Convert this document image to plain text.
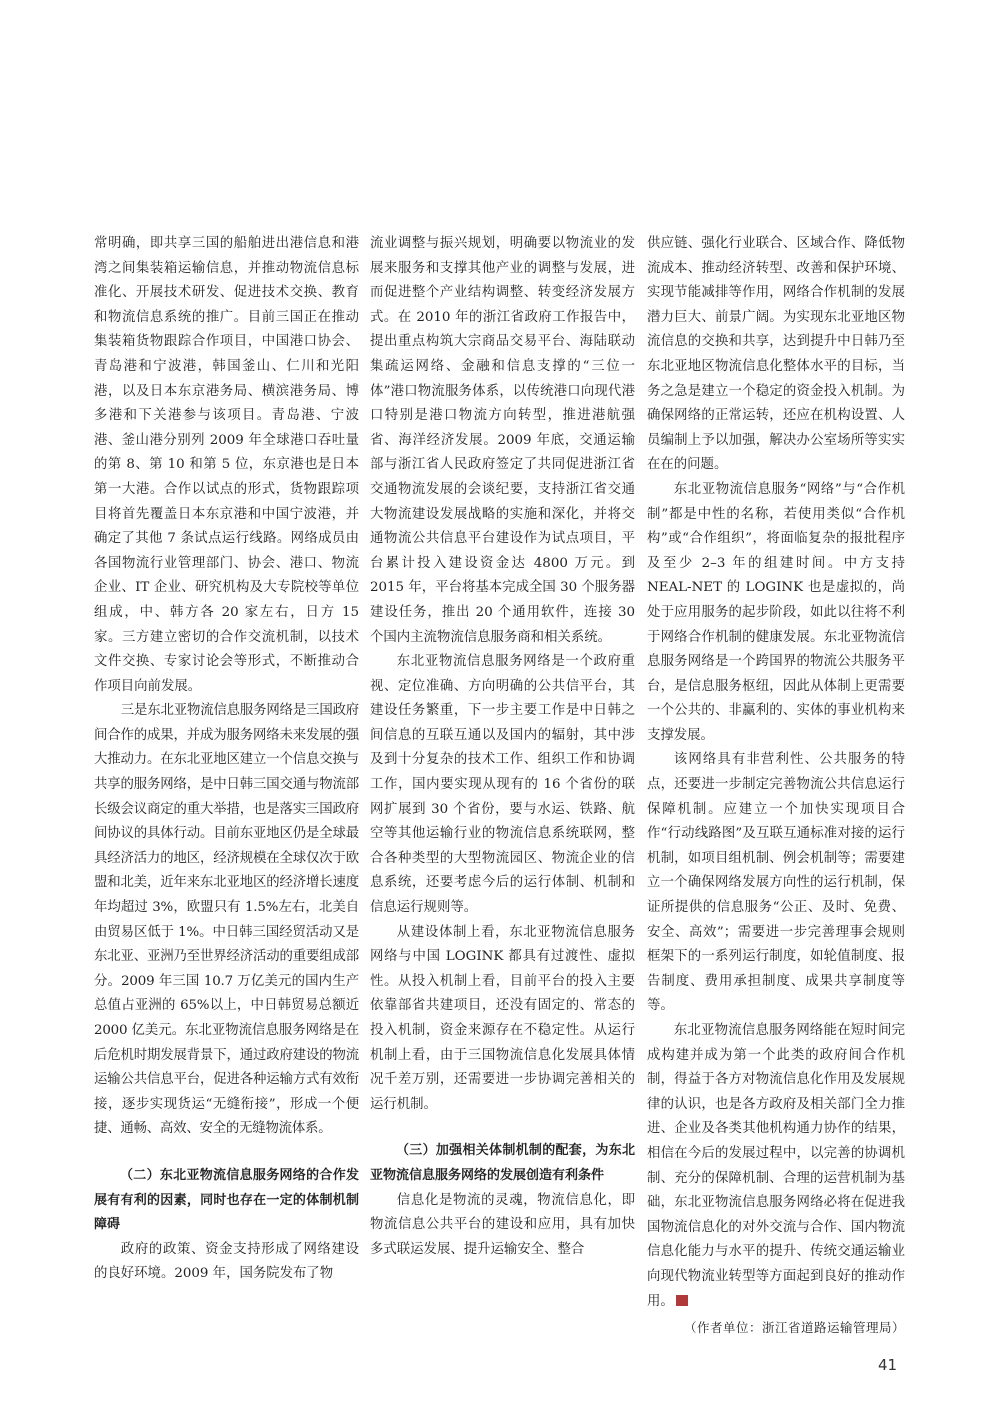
常明确，即共享三国的船舶进出港信息和港湾之间集装箱运输信息，并推动物流信息标准化、开展技术研发、促进技术交换、教育和物流信息系统的推广。目前三国正在推动集装箱货物跟踪合作项目，中国港口协会、青岛港和宁波港，韩国釜山、仁川和光阳港，以及日本东京港务局、横滨港务局、博多港和下关港参与该项目。青岛港、宁波港、釜山港分别列 2009 年全球港口吞吐量的第 8、第 10 和第 5 位，东京港也是日本第一大港。合作以试点的形式，货物跟踪项目将首先覆盖日本东京港和中国宁波港，并确定了其他 7 条试点运行线路。网络成员由各国物流行业管理部门、协会、港口、物流企业、IT 企业、研究机构及大专院校等单位组成，中、韩方各 20 家左右，日方 15 家。三方建立密切的合作交流机制，以技术文件交换、专家讨论会等形式，不断推动合作项目向前发展。

三是东北亚物流信息服务网络是三国政府间合作的成果，并成为服务网络未来发展的强大推动力。在东北亚地区建立一个信息交换与共享的服务网络，是中日韩三国交通与物流部长级会议商定的重大举措，也是落实三国政府间协议的具体行动。目前东亚地区仍是全球最具经济活力的地区，经济规模在全球仅次于欧盟和北美，近年来东北亚地区的经济增长速度年均超过 3%，欧盟只有 1.5%左右，北美自由贸易区低于 1%。中日韩三国经贸活动又是东北亚、亚洲乃至世界经济活动的重要组成部分。2009 年三国 10.7 万亿美元的国内生产总值占亚洲的 65%以上，中日韩贸易总额近 2000 亿美元。东北亚物流信息服务网络是在后危机时期发展背景下，通过政府建设的物流运输公共信息平台，促进各种运输方式有效衔接，逐步实现货运“无缝衔接”，形成一个便捷、通畅、高效、安全的无缝物流体系。

（二）东北亚物流信息服务网络的合作发展有有利的因素，同时也存在一定的体制机制障碍

政府的政策、资金支持形成了网络建设的良好环境。2009 年，国务院发布了物

流业调整与振兴规划，明确要以物流业的发展来服务和支撑其他产业的调整与发展，进而促进整个产业结构调整、转变经济发展方式。在 2010 年的浙江省政府工作报告中，提出重点构筑大宗商品交易平台、海陆联动集疏运网络、金融和信息支撑的“三位一体”港口物流服务体系，以传统港口向现代港口特别是港口物流方向转型，推进港航强省、海洋经济发展。2009 年底，交通运输部与浙江省人民政府签定了共同促进浙江省交通物流发展的会谈纪要，支持浙江省交通大物流建设发展战略的实施和深化，并将交通物流公共信息平台建设作为试点项目，平台累计投入建设资金达 4800 万元。到 2015 年，平台将基本完成全国 30 个服务器建设任务，推出 20 个通用软件，连接 30 个国内主流物流信息服务商和相关系统。

东北亚物流信息服务网络是一个政府重视、定位准确、方向明确的公共信平台，其建设任务繁重，下一步主要工作是中日韩之间信息的互联互通以及国内的辐射，其中涉及到十分复杂的技术工作、组织工作和协调工作，国内要实现从现有的 16 个省份的联网扩展到 30 个省份，要与水运、铁路、航空等其他运输行业的物流信息系统联网，整合各种类型的大型物流园区、物流企业的信息系统，还要考虑今后的运行体制、机制和信息运行规则等。

从建设体制上看，东北亚物流信息服务网络与中国 LOGINK 都具有过渡性、虚拟性。从投入机制上看，目前平台的投入主要依靠部省共建项目，还没有固定的、常态的投入机制，资金来源存在不稳定性。从运行机制上看，由于三国物流信息化发展具体情况千差万别，还需要进一步协调完善相关的运行机制。

（三）加强相关体制机制的配套，为东北亚物流信息服务网络的发展创造有利条件

信息化是物流的灵魂，物流信息化，即物流信息公共平台的建设和应用，具有加快多式联运发展、提升运输安全、整合

供应链、强化行业联合、区域合作、降低物流成本、推动经济转型、改善和保护环境、实现节能减排等作用，网络合作机制的发展潜力巨大、前景广阔。为实现东北亚地区物流信息的交换和共享，达到提升中日韩乃至东北亚地区物流信息化整体水平的目标，当务之急是建立一个稳定的资金投入机制。为确保网络的正常运转，还应在机构设置、人员编制上予以加强，解决办公室场所等实实在在的问题。

东北亚物流信息服务“网络”与“合作机制”都是中性的名称，若使用类似“合作机构”或“合作组织”，将面临复杂的报批程序及至少 2–3 年的组建时间。中方支持 NEAL-NET 的 LOGINK 也是虚拟的，尚处于应用服务的起步阶段，如此以往将不利于网络合作机制的健康发展。东北亚物流信息服务网络是一个跨国界的物流公共服务平台，是信息服务枢纽，因此从体制上更需要一个公共的、非赢利的、实体的事业机构来支撑发展。

该网络具有非营利性、公共服务的特点，还要进一步制定完善物流公共信息运行保障机制。应建立一个加快实现项目合作“行动线路图”及互联互通标准对接的运行机制，如项目组机制、例会机制等；需要建立一个确保网络发展方向性的运行机制，保证所提供的信息服务“公正、及时、免费、安全、高效”；需要进一步完善理事会规则框架下的一系列运行制度，如轮值制度、报告制度、费用承担制度、成果共享制度等等。

东北亚物流信息服务网络能在短时间完成构建并成为第一个此类的政府间合作机制，得益于各方对物流信息化作用及发展规律的认识，也是各方政府及相关部门全力推进、企业及各类其他机构通力协作的结果，相信在今后的发展过程中，以完善的协调机制、充分的保障机制、合理的运营机制为基础，东北亚物流信息服务网络必将在促进我国物流信息化的对外交流与合作、国内物流信息化能力与水平的提升、传统交通运输业向现代物流业转型等方面起到良好的推动作用。

（作者单位：浙江省道路运输管理局）
41
